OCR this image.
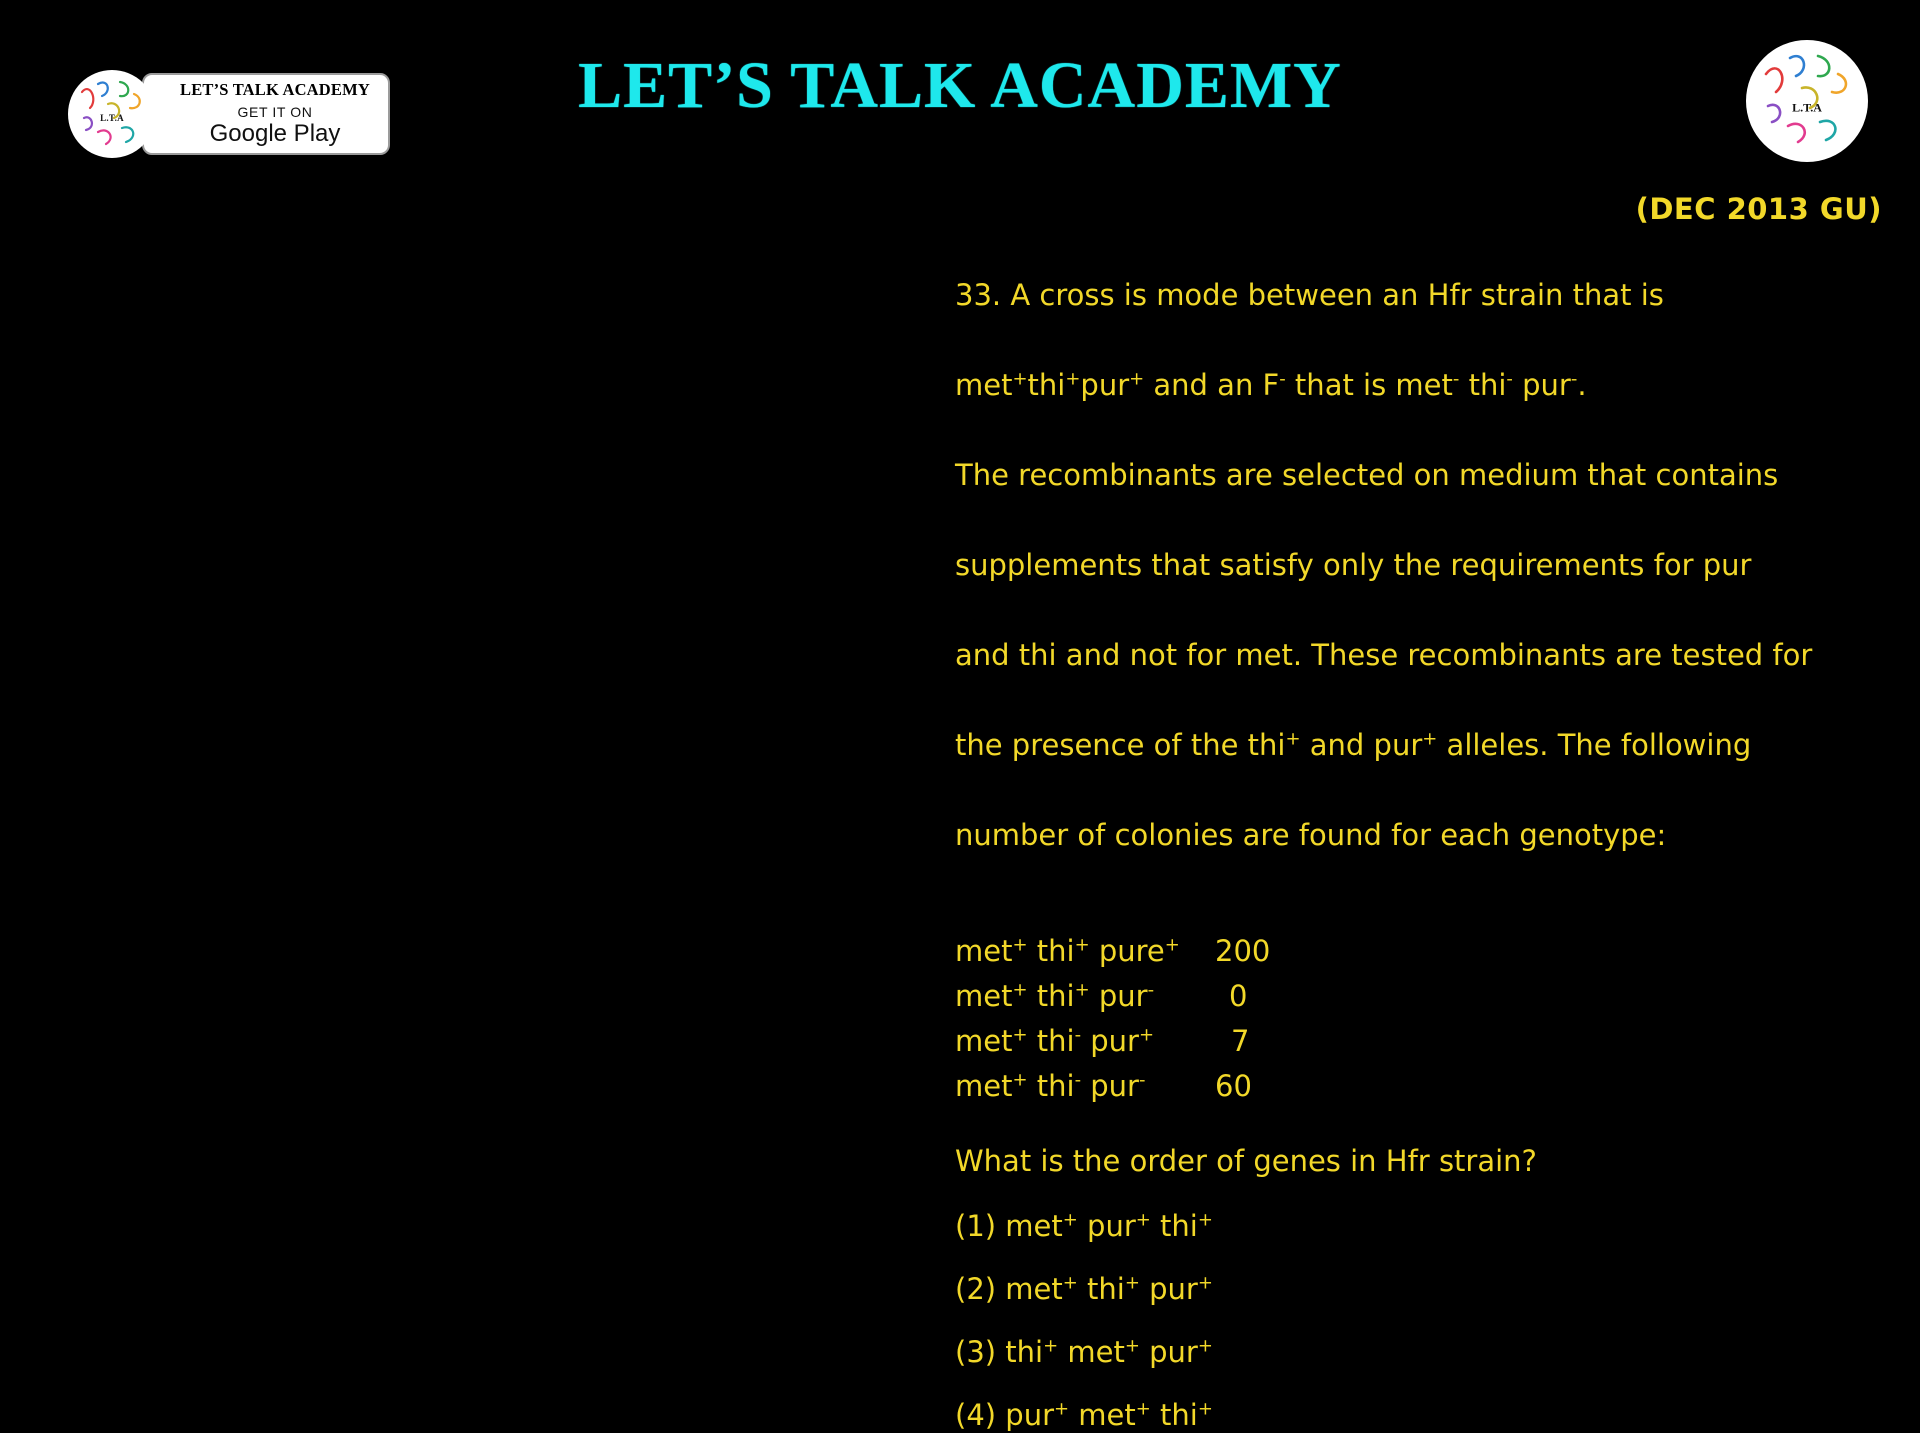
L.T.A
LET’S TALK ACADEMY
GET IT ON
Google Play
LET’S TALK ACADEMY	L.T.A
(DEC 2013 GU)

33. A cross is mode between an Hfr strain that is

met+thi+pur+ and an F- that is met- thi- pur-.

The recombinants are selected on medium that contains

supplements that satisfy only the requirements for pur

and thi and not for met. These recombinants are tested for

the presence of the thi+ and pur+ alleles. The following

number of colonies are found for each genotype:

met+ thi+ pure+	200
met+ thi+ pur-	0
met+ thi- pur+	7
met+ thi- pur-	60
What is the order of genes in Hfr strain?
(1) met+ pur+ thi+
(2) met+ thi+ pur+
(3) thi+ met+ pur+
(4) pur+ met+ thi+
